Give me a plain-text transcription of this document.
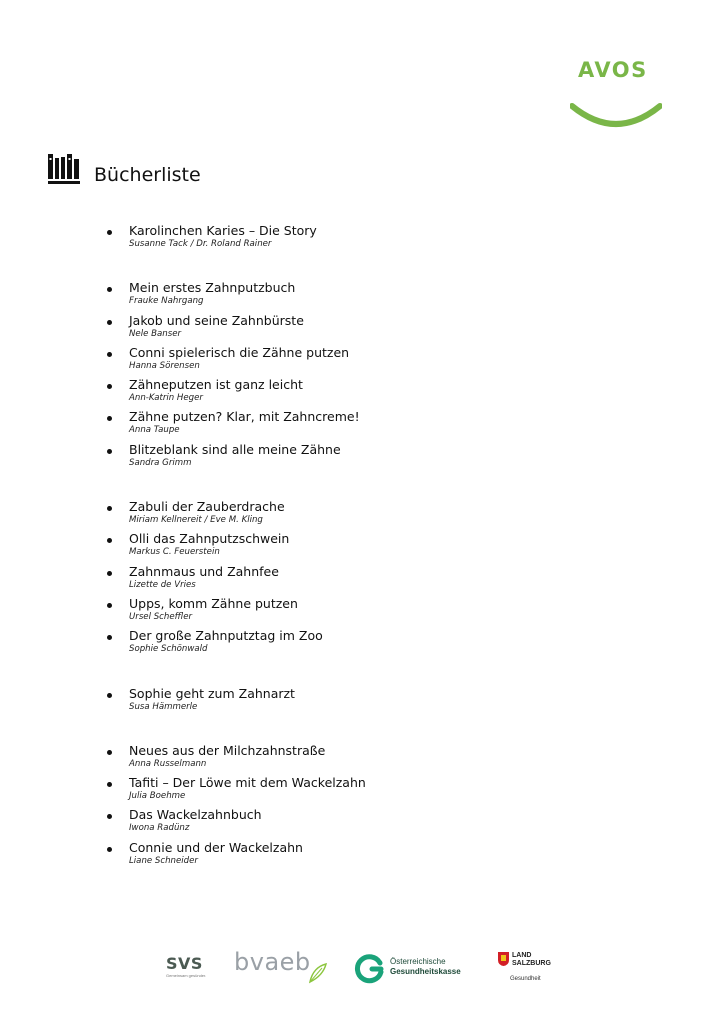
AVOS
Bücherliste
Karolinchen Karies – Die Story
Susanne Tack / Dr. Roland Rainer
Mein erstes Zahnputzbuch
Frauke Nahrgang
Jakob und seine Zahnbürste
Nele Banser
Conni spielerisch die Zähne putzen
Hanna Sörensen
Zähneputzen ist ganz leicht
Ann-Katrin Heger
Zähne putzen? Klar, mit Zahncreme!
Anna Taupe
Blitzeblank sind alle meine Zähne
Sandra Grimm
Zabuli der Zauberdrache
Miriam Kellnereit / Eve M. Kling
Olli das Zahnputzschwein
Markus C. Feuerstein
Zahnmaus und Zahnfee
Lizette de Vries
Upps, komm Zähne putzen
Ursel Scheffler
Der große Zahnputztag im Zoo
Sophie Schönwald
Sophie geht zum Zahnarzt
Susa Hämmerle
Neues aus der Milchzahnstraße
Anna Russelmann
Tafiti – Der Löwe mit dem Wackelzahn
Julia Boehme
Das Wackelzahnbuch
Iwona Radünz
Connie und der Wackelzahn
Liane Schneider
SVS
Gemeinsam gesünder. bvaeb	Österreichische
Gesundheitskasse
LAND
SALZBURG
Gesundheit
